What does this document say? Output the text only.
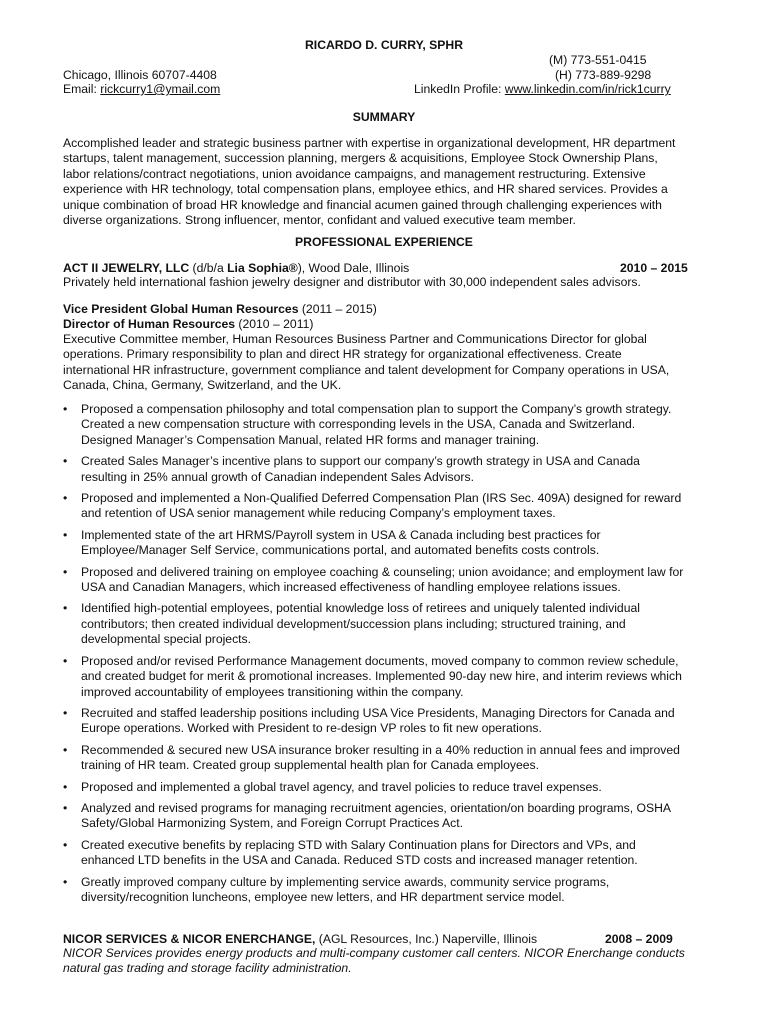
RICARDO D. CURRY, SPHR
(M) 773-551-0415
Chicago, Illinois 60707-4408	(H) 773-889-9298
Email: rickcurry1@ymail.com	LinkedIn Profile: www.linkedin.com/in/rick1curry
SUMMARY
Accomplished leader and strategic business partner with expertise in organizational development, HR department
startups, talent management, succession planning, mergers & acquisitions, Employee Stock Ownership Plans,
labor relations/contract negotiations, union avoidance campaigns, and management restructuring. Extensive
experience with HR technology, total compensation plans, employee ethics, and HR shared services. Provides a
unique combination of broad HR knowledge and financial acumen gained through challenging experiences with
diverse organizations. Strong influencer, mentor, confidant and valued executive team member.
PROFESSIONAL EXPERIENCE
ACT II JEWELRY, LLC (d/b/a Lia Sophia®), Wood Dale, Illinois	2010 – 2015
Privately held international fashion jewelry designer and distributor with 30,000 independent sales advisors.
Vice President Global Human Resources (2011 – 2015)
Director of Human Resources (2010 – 2011)
Executive Committee member, Human Resources Business Partner and Communications Director for global
operations. Primary responsibility to plan and direct HR strategy for organizational effectiveness. Create
international HR infrastructure, government compliance and talent development for Company operations in USA,
Canada, China, Germany, Switzerland, and the UK.
• Proposed a compensation philosophy and total compensation plan to support the Company’s growth strategy.
Created a new compensation structure with corresponding levels in the USA, Canada and Switzerland.
Designed Manager’s Compensation Manual, related HR forms and manager training.
• Created Sales Manager’s incentive plans to support our company’s growth strategy in USA and Canada
resulting in 25% annual growth of Canadian independent Sales Advisors.
• Proposed and implemented a Non-Qualified Deferred Compensation Plan (IRS Sec. 409A) designed for reward
and retention of USA senior management while reducing Company’s employment taxes.
• Implemented state of the art HRMS/Payroll system in USA & Canada including best practices for
Employee/Manager Self Service, communications portal, and automated benefits costs controls.
• Proposed and delivered training on employee coaching & counseling; union avoidance; and employment law for
USA and Canadian Managers, which increased effectiveness of handling employee relations issues.
• Identified high-potential employees, potential knowledge loss of retirees and uniquely talented individual
contributors; then created individual development/succession plans including; structured training, and
developmental special projects.
• Proposed and/or revised Performance Management documents, moved company to common review schedule,
and created budget for merit & promotional increases. Implemented 90-day new hire, and interim reviews which
improved accountability of employees transitioning within the company.
• Recruited and staffed leadership positions including USA Vice Presidents, Managing Directors for Canada and
Europe operations. Worked with President to re-design VP roles to fit new operations.
• Recommended & secured new USA insurance broker resulting in a 40% reduction in annual fees and improved
training of HR team. Created group supplemental health plan for Canada employees.
• Proposed and implemented a global travel agency, and travel policies to reduce travel expenses.
• Analyzed and revised programs for managing recruitment agencies, orientation/on boarding programs, OSHA
Safety/Global Harmonizing System, and Foreign Corrupt Practices Act.
• Created executive benefits by replacing STD with Salary Continuation plans for Directors and VPs, and
enhanced LTD benefits in the USA and Canada. Reduced STD costs and increased manager retention.
• Greatly improved company culture by implementing service awards, community service programs,
diversity/recognition luncheons, employee new letters, and HR department service model.
NICOR SERVICES & NICOR ENERCHANGE, (AGL Resources, Inc.) Naperville, Illinois	2008 – 2009
NICOR Services provides energy products and multi-company customer call centers. NICOR Enerchange conducts
natural gas trading and storage facility administration.
